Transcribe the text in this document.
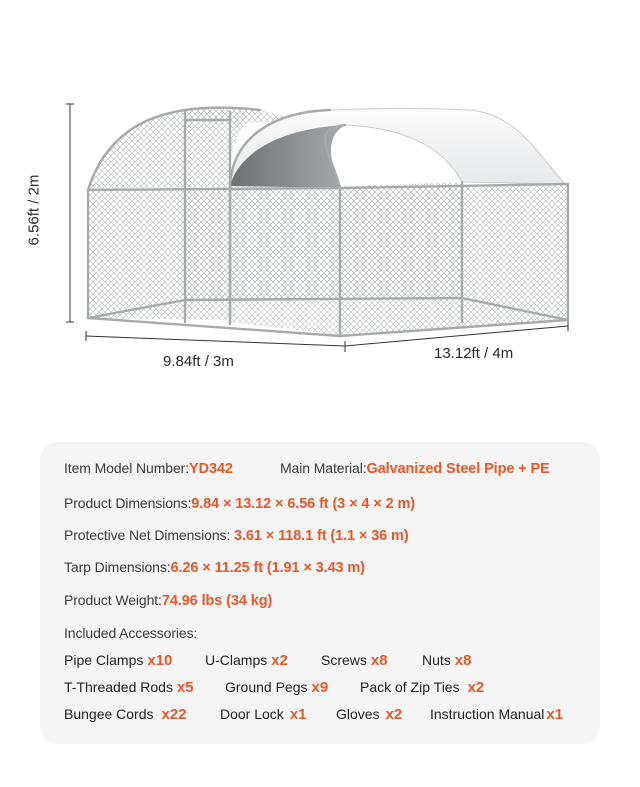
6.56ft / 2m
9.84ft / 3m	13.12ft / 4m
Item Model Number:YD342	Main Material:Galvanized Steel Pipe + PE
Product Dimensions:9.84 × 13.12 × 6.56 ft (3 × 4 × 2 m)
Protective Net Dimensions: 3.61 × 118.1 ft (1.1 × 36 m)
Tarp Dimensions:6.26 × 11.25 ft (1.91 × 3.43 m)
Product Weight:74.96 lbs (34 kg)
Included Accessories:
Pipe Clamps x10 U-Clamps x2 Screws x8 Nuts x8
T-Threaded Rods x5 Ground Pegs x9 Pack of Zip Ties x2
Bungee Cords x22 Door Lock x1 Gloves x2 Instruction Manual x1
